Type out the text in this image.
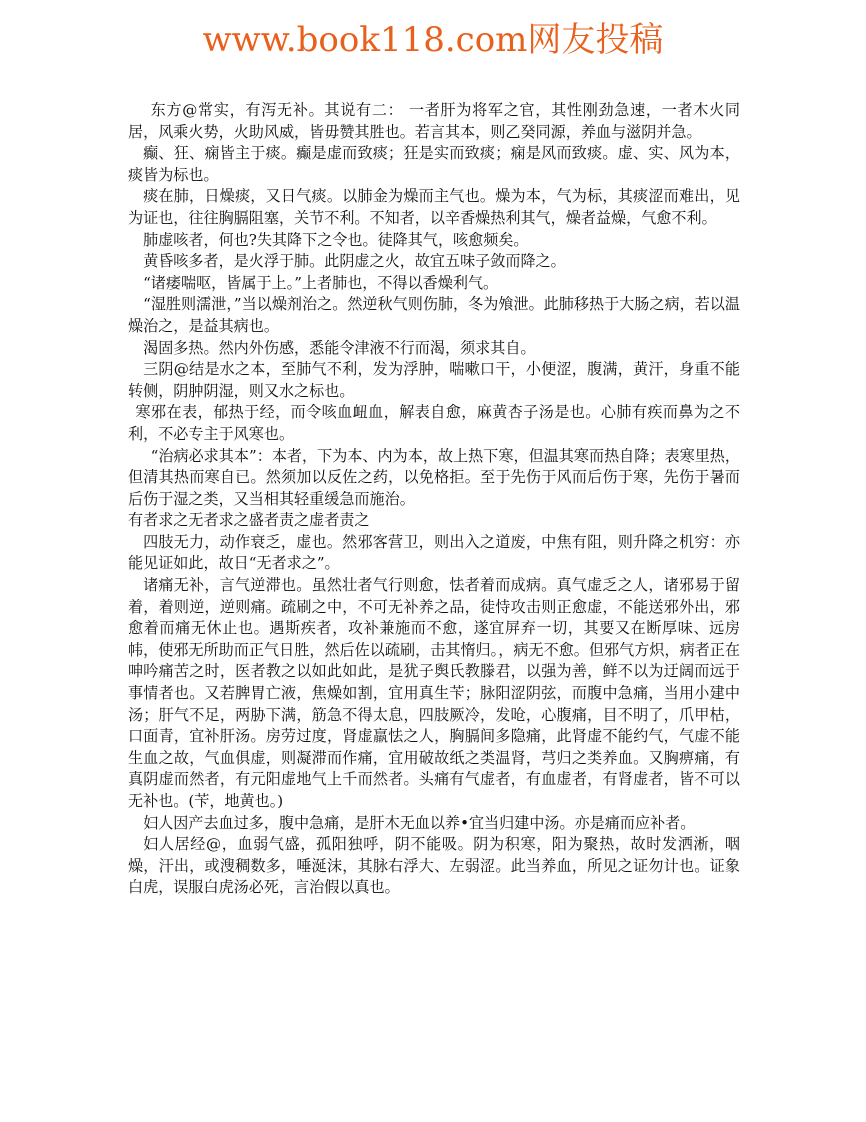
www.book118.com网友投稿

东方@常实，有泻无补。其说有二： 一者肝为将军之官，其性刚劲急速，一者木火同居，风乘火势，火助风威，皆毋赞其胜也。若言其本，则乙癸同源，养血与滋阴并急。

癫、狂、痫皆主于痰。癫是虚而致痰；狂是实而致痰；痫是风而致痰。虚、实、风为本，痰皆为标也。

痰在肺，日燥痰，又日气痰。以肺金为燥而主气也。燥为本，气为标，其痰涩而难出，见为证也，往往胸膈阻塞，关节不利。不知者，以辛香燥热利其气，燥者益燥，气愈不利。

肺虚咳者，何也?失其降下之令也。徒降其气，咳愈频矣。

黄昏咳多者，是火浮于肺。此阴虚之火，故宜五味子敛而降之。

“诸痿喘呕，皆属于上。”上者肺也，不得以香燥利气。

“湿胜则濡泄，”当以燥剂治之。然逆秋气则伤肺，冬为飧泄。此肺移热于大肠之病，若以温燥治之，是益其病也。

渴固多热。然内外伤感，悉能令津液不行而渴，须求其自。

三阴@结是水之本，至肺气不利，发为浮肿，喘嗽口干，小便涩，腹满，黄汗，身重不能转侧，阴肿阴湿，则又水之标也。

寒邪在表，郁热于经，而令咳血衄血，解表自愈，麻黄杏子汤是也。心肺有疾而鼻为之不利，不必专主于风寒也。

“治病必求其本”：本者，下为本、内为本，故上热下寒，但温其寒而热自降；表寒里热，但清其热而寒自已。然须加以反佐之药，以免格拒。至于先伤于风而后伤于寒，先伤于暑而后伤于湿之类，又当相其轻重缓急而施治。

有者求之无者求之盛者责之虚者责之

四肢无力，动作衰乏，虚也。然邪客营卫，则出入之道废，中焦有阻，则升降之机穷：亦能见证如此，故日“无者求之”。

诸痛无补，言气逆滞也。虽然壮者气行则愈，怯者着而成病。真气虚乏之人，诸邪易于留着，着则逆，逆则痛。疏刷之中，不可无补养之品，徒恃攻击则正愈虚，不能送邪外出，邪愈着而痛无休止也。遇斯疾者，攻补兼施而不愈，遂宜屏弃一切，其要又在断厚味、远房帏，使邪无所助而正气日胜，然后佐以疏刷，击其惰归。，病无不愈。但邪气方炽，病者正在呻吟痛苦之时，医者教之以如此如此，是犹子舆氏教滕君，以强为善，鲜不以为迂阔而远于事情者也。又若脾胃亡液，焦燥如割，宜用真生苄；脉阳涩阴弦，而腹中急痛，当用小建中汤；肝气不足，两胁下满，筋急不得太息，四肢厥冷，发呛，心腹痛，目不明了，爪甲枯，口面青，宜补肝汤。房劳过度，肾虚羸怯之人，胸膈间多隐痛，此肾虚不能约气，气虚不能生血之故，气血俱虚，则凝滞而作痛，宜用破故纸之类温肾，芎归之类养血。又胸痹痛，有真阴虚而然者，有元阳虚地气上千而然者。头痛有气虚者，有血虚者，有肾虚者，皆不可以无补也。(苄，地黄也。)

妇人因产去血过多，腹中急痛，是肝木无血以养•宜当归建中汤。亦是痛而应补者。

妇人居经@，血弱气盛，孤阳独呼，阴不能吸。阴为积寒，阳为聚热，故时发洒淅，咽燥，汗出，或溲稠数多，唾涎沫，其脉右浮大、左弱涩。此当养血，所见之证勿计也。证象白虎，误服白虎汤必死，言治假以真也。
